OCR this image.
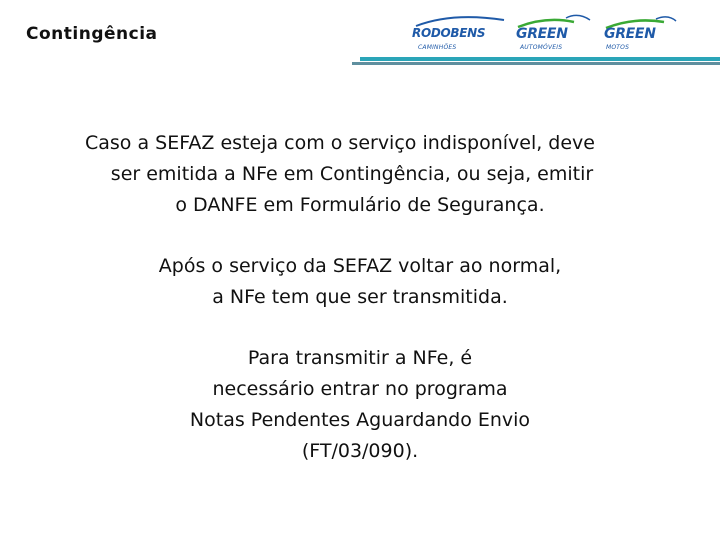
Contingência	RODOBENS
CAMINHÕES
GREEN
AUTOMÓVEIS
GREEN
MOTOS

Caso a SEFAZ esteja com o serviço indisponível, deve
ser emitida a NFe em Contingência, ou seja, emitir
o DANFE em Formulário de Segurança.

Após o serviço da SEFAZ voltar ao normal,
a NFe tem que ser transmitida.

Para transmitir a NFe, é
necessário entrar no programa
Notas Pendentes Aguardando Envio
(FT/03/090).
